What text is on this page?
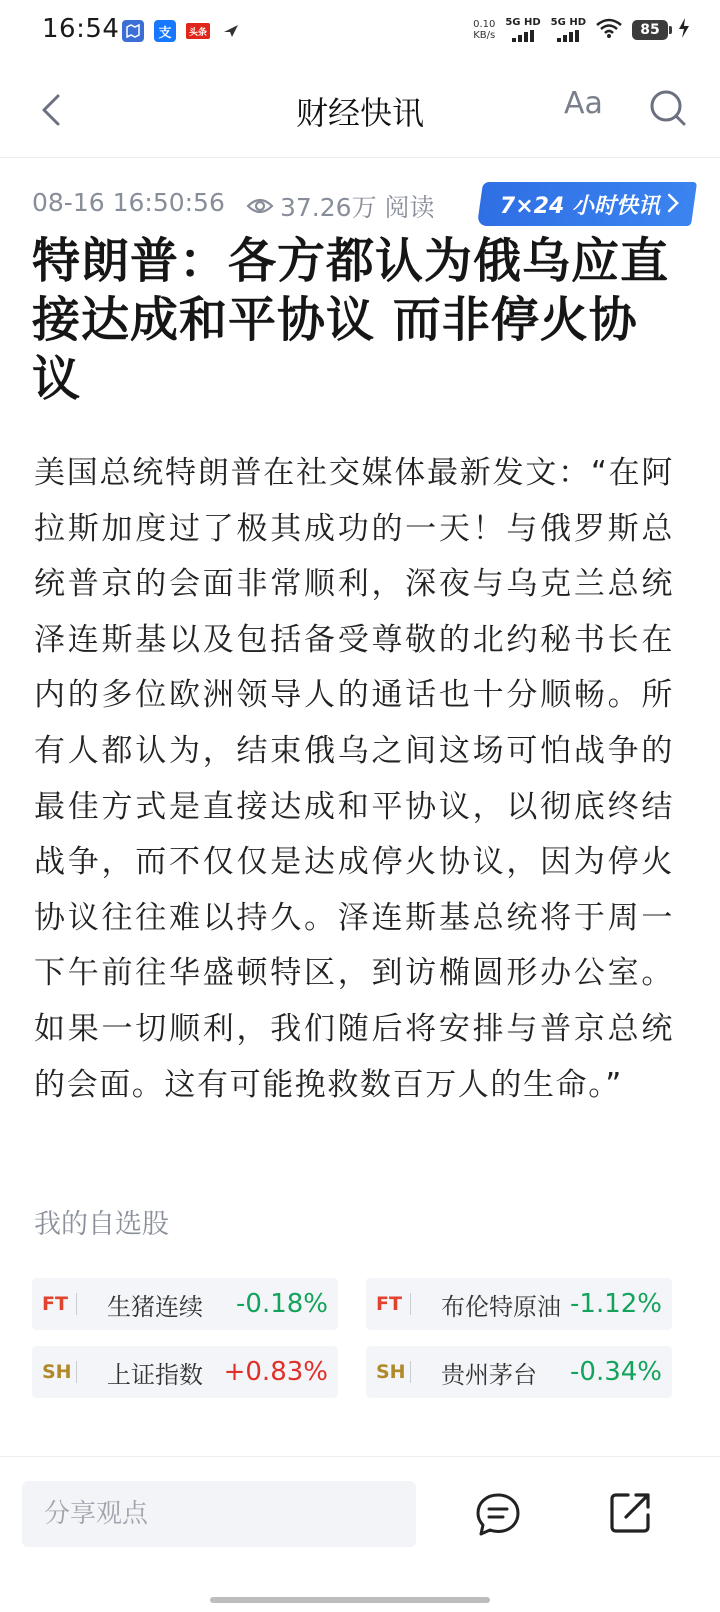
16:54	支	头条
0.10
KB/s
5G HD 5G HD	85
财经快讯	Aa
08-16 16:50:56 37.26万 阅读	7×24 小时快讯
特朗普：各方都认为俄乌应直接达成和平协议 而非停火协议
美国总统特朗普在社交媒体最新发文：“在阿拉斯加度过了极其成功的一天！与俄罗斯总统普京的会面非常顺利，深夜与乌克兰总统泽连斯基以及包括备受尊敬的北约秘书长在内的多位欧洲领导人的通话也十分顺畅。所有人都认为，结束俄乌之间这场可怕战争的最佳方式是直接达成和平协议，以彻底终结战争，而不仅仅是达成停火协议，因为停火协议往往难以持久。泽连斯基总统将于周一下午前往华盛顿特区，到访椭圆形办公室。如果一切顺利，我们随后将安排与普京总统的会面。这有可能挽救数百万人的生命。”
我的自选股
FT 生猪连续	-0.18%	FT 布伦特原油 -1.12%
SH 上证指数 +0.83%	SH 贵州茅台	-0.34%
分享观点
